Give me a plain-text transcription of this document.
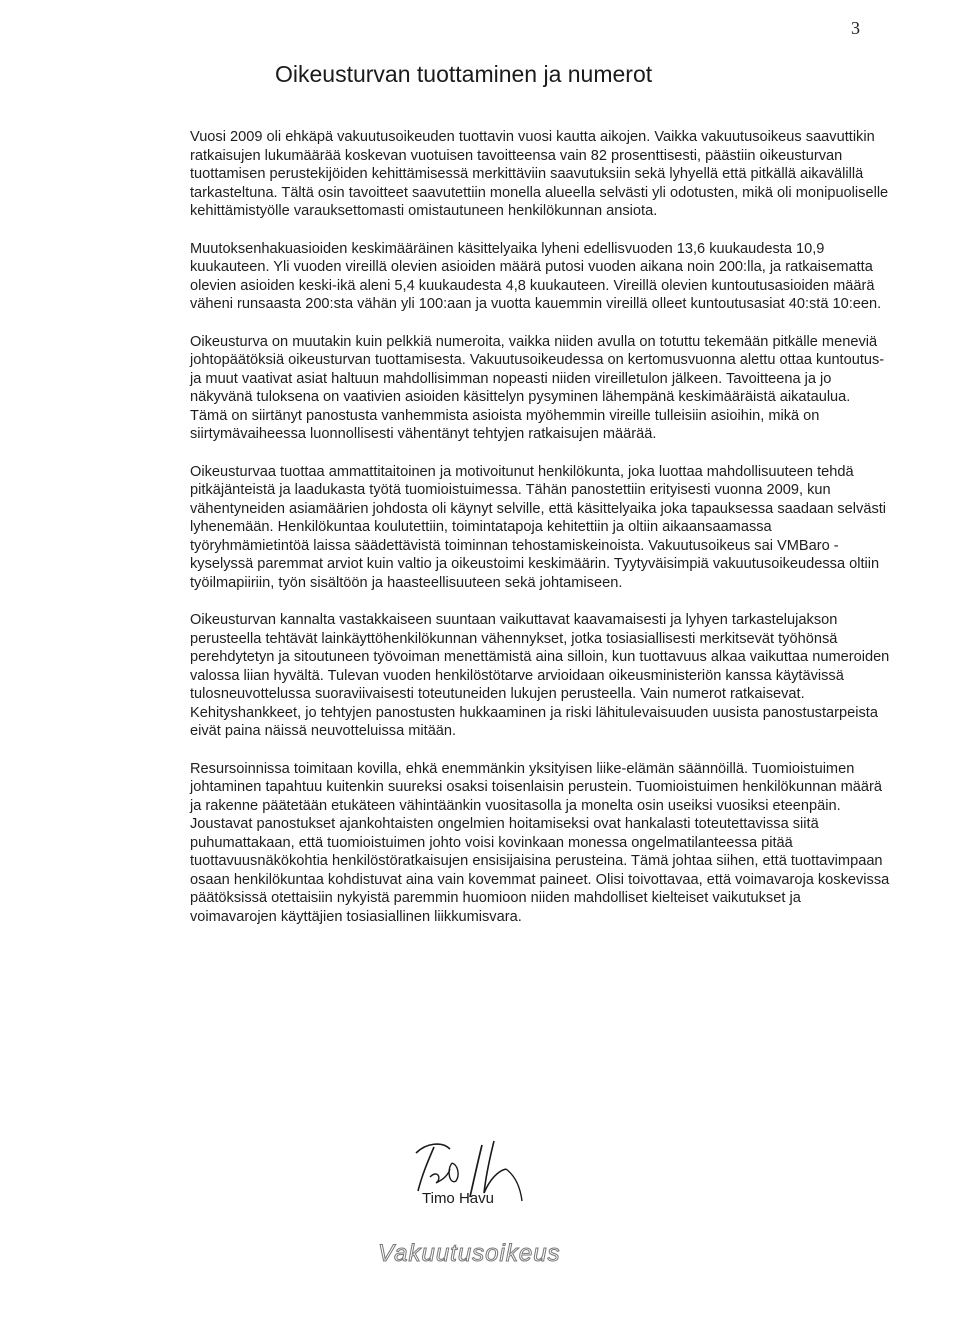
3
Oikeusturvan tuottaminen ja numerot

Vuosi 2009 oli ehkäpä vakuutusoikeuden tuottavin vuosi kautta aikojen. Vaikka vakuutusoikeus saavuttikin ratkaisujen lukumäärää koskevan vuotuisen tavoitteensa vain 82 prosenttisesti, päästiin oikeusturvan tuottamisen perustekijöiden kehittämisessä merkittäviin saavutuksiin sekä lyhyellä että pitkällä aikavälillä tarkasteltuna. Tältä osin tavoitteet saavutettiin monella alueella selvästi yli odotusten, mikä oli monipuoliselle kehittämistyölle varauksettomasti omistautuneen henkilökunnan ansiota.

Muutoksenhakuasioiden keskimääräinen käsittelyaika lyheni edellisvuoden 13,6 kuukaudesta 10,9 kuukauteen. Yli vuoden vireillä olevien asioiden määrä putosi vuoden aikana noin 200:lla, ja ratkaisematta olevien asioiden keski-ikä aleni 5,4 kuukaudesta 4,8 kuukauteen. Vireillä olevien kuntoutusasioiden määrä väheni runsaasta 200:sta vähän yli 100:aan ja vuotta kauemmin vireillä olleet kuntoutusasiat 40:stä 10:een.

Oikeusturva on muutakin kuin pelkkiä numeroita, vaikka niiden avulla on totuttu tekemään pitkälle meneviä johtopäätöksiä oikeusturvan tuottamisesta. Vakuutusoikeudessa on kertomusvuonna alettu ottaa kuntoutus- ja muut vaativat asiat haltuun mahdollisimman nopeasti niiden vireilletulon jälkeen. Tavoitteena ja jo näkyvänä tuloksena on vaativien asioiden käsittelyn pysyminen lähempänä keskimääräistä aikataulua. Tämä on siirtänyt panostusta vanhemmista asioista myöhemmin vireille tulleisiin asioihin, mikä on siirtymävaiheessa luonnollisesti vähentänyt tehtyjen ratkaisujen määrää.

Oikeusturvaa tuottaa ammattitaitoinen ja motivoitunut henkilökunta, joka luottaa mahdollisuuteen tehdä pitkäjänteistä ja laadukasta työtä tuomioistuimessa. Tähän panostettiin erityisesti vuonna 2009, kun vähentyneiden asiamäärien johdosta oli käynyt selville, että käsittelyaika joka tapauksessa saadaan selvästi lyhenemään. Henkilökuntaa koulutettiin, toimintatapoja kehitettiin ja oltiin aikaansaamassa työryhmämietintöä laissa säädettävistä toiminnan tehostamiskeinoista. Vakuutusoikeus sai VMBaro -kyselyssä paremmat arviot kuin valtio ja oikeustoimi keskimäärin. Tyytyväisimpiä vakuutusoikeudessa oltiin työilmapiiriin, työn sisältöön ja haasteellisuuteen sekä johtamiseen.

Oikeusturvan kannalta vastakkaiseen suuntaan vaikuttavat kaavamaisesti ja lyhyen tarkastelujakson perusteella tehtävät lainkäyttöhenkilökunnan vähennykset, jotka tosiasiallisesti merkitsevät työhönsä perehdytetyn ja sitoutuneen työvoiman menettämistä aina silloin, kun tuottavuus alkaa vaikuttaa numeroiden valossa liian hyvältä. Tulevan vuoden henkilöstötarve arvioidaan oikeusministeriön kanssa käytävissä tulosneuvottelussa suoraviivaisesti toteutuneiden lukujen perusteella. Vain numerot ratkaisevat. Kehityshankkeet, jo tehtyjen panostusten hukkaaminen ja riski lähitulevaisuuden uusista panostustarpeista eivät paina näissä neuvotteluissa mitään.

Resursoinnissa toimitaan kovilla, ehkä enemmänkin yksityisen liike-elämän säännöillä. Tuomioistuimen johtaminen tapahtuu kuitenkin suureksi osaksi toisenlaisin perustein. Tuomioistuimen henkilökunnan määrä ja rakenne päätetään etukäteen vähintäänkin vuositasolla ja monelta osin useiksi vuosiksi eteenpäin. Joustavat panostukset ajankohtaisten ongelmien hoitamiseksi ovat hankalasti toteutettavissa siitä puhumattakaan, että tuomioistuimen johto voisi kovinkaan monessa ongelmatilanteessa pitää tuottavuusnäkökohtia henkilöstöratkaisujen ensisijaisina perusteina. Tämä johtaa siihen, että tuottavimpaan osaan henkilökuntaa kohdistuvat aina vain kovemmat paineet. Olisi toivottavaa, että voimavaroja koskevissa päätöksissä otettaisiin nykyistä paremmin huomioon niiden mahdolliset kielteiset vaikutukset ja voimavarojen käyttäjien tosiasiallinen liikkumisvara.

Timo Havu
Vakuutusoikeus
